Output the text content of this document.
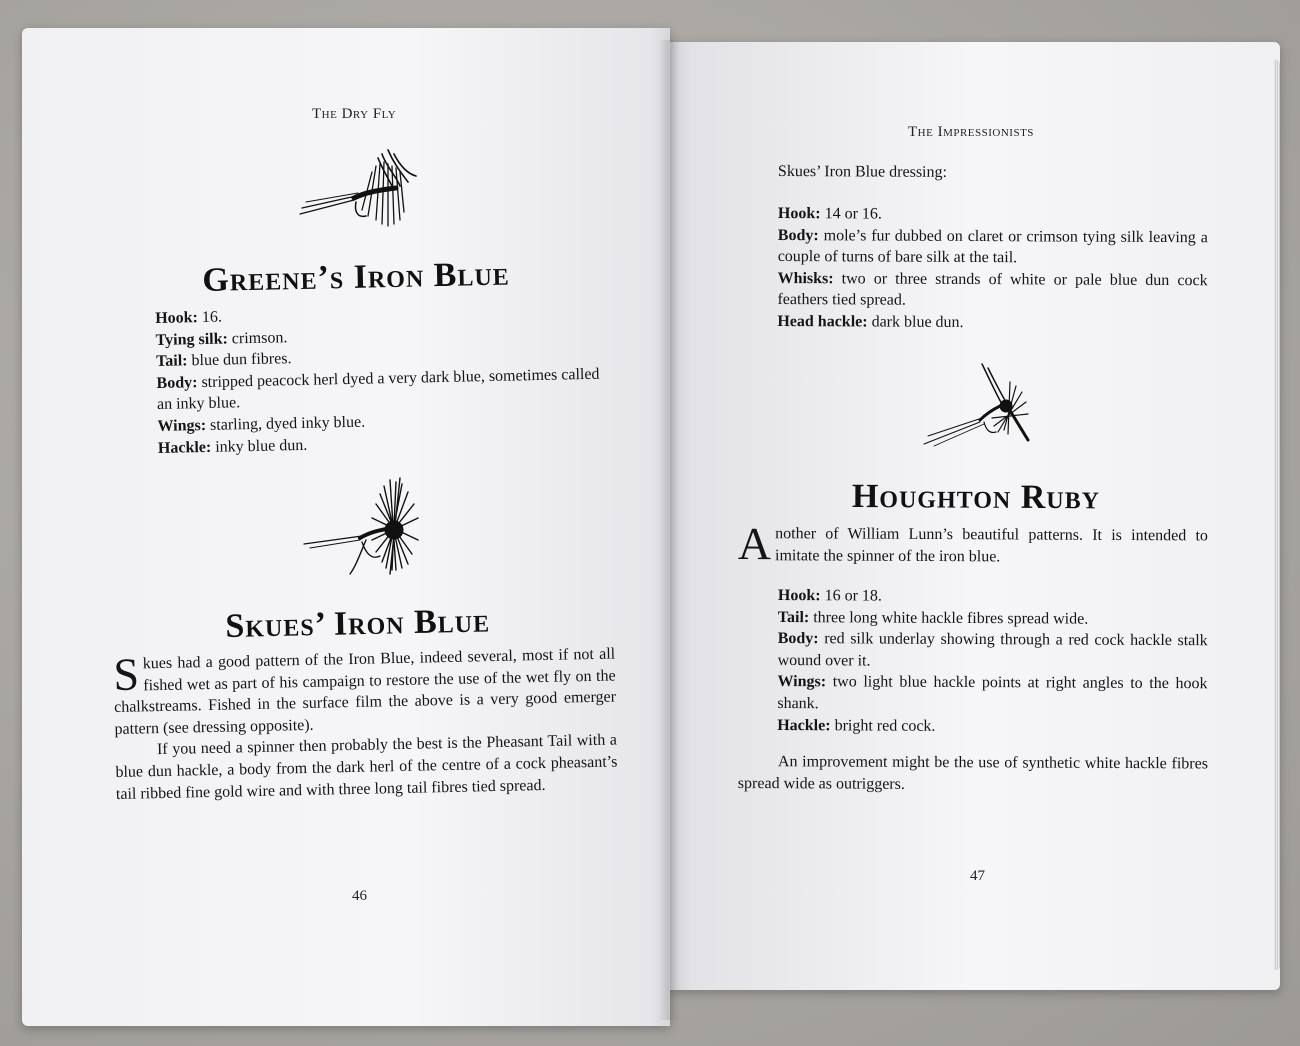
The Dry Fly
Greene’s Iron Blue
Hook: 16.
Tying silk: crimson.
Tail: blue dun fibres.
Body: stripped peacock herl dyed a very dark blue, sometimes called an inky blue.
Wings: starling, dyed inky blue.
Hackle: inky blue dun.
Skues’ Iron Blue

Skues had a good pattern of the Iron Blue, indeed several, most if not all fished wet as part of his campaign to restore the use of the wet fly on the chalkstreams. Fished in the surface film the above is a very good emerger pattern (see dressing opposite).

If you need a spinner then probably the best is the Pheasant Tail with a blue dun hackle, a body from the dark herl of the centre of a cock pheasant’s tail ribbed fine gold wire and with three long tail fibres tied spread.

46
The Impressionists
Skues’ Iron Blue dressing:
Hook: 14 or 16.
Body: mole’s fur dubbed on claret or crimson tying silk leaving a couple of turns of bare silk at the tail.
Whisks: two or three strands of white or pale blue dun cock feathers tied spread.
Head hackle: dark blue dun.
Houghton Ruby

Another of William Lunn’s beautiful patterns. It is intended to imitate the spinner of the iron blue.

Hook: 16 or 18.
Tail: three long white hackle fibres spread wide.
Body: red silk underlay showing through a red cock hackle stalk wound over it.
Wings: two light blue hackle points at right angles to the hook shank.
Hackle: bright red cock.
An improvement might be the use of synthetic white hackle fibres spread wide as outriggers.
47
